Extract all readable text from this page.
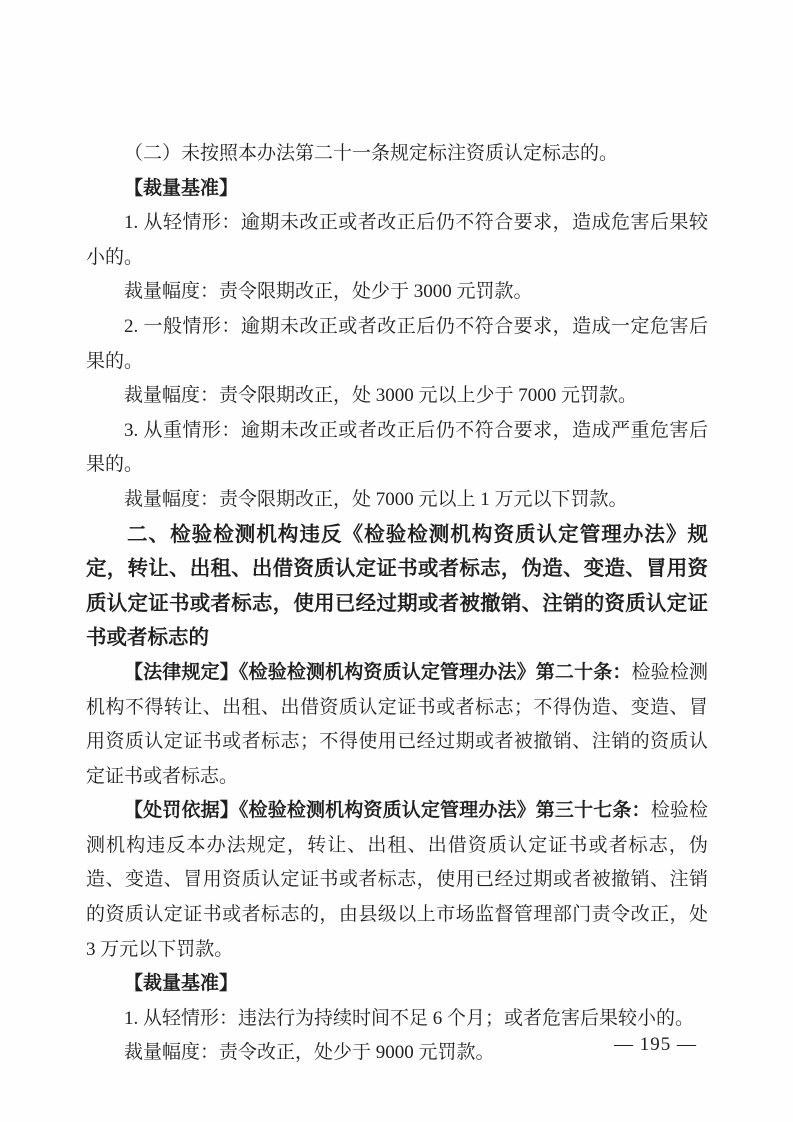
（二）未按照本办法第二十一条规定标注资质认定标志的。

【裁量基准】

1. 从轻情形：逾期未改正或者改正后仍不符合要求，造成危害后果较小的。

裁量幅度：责令限期改正，处少于 3000 元罚款。

2. 一般情形：逾期未改正或者改正后仍不符合要求，造成一定危害后果的。

裁量幅度：责令限期改正，处 3000 元以上少于 7000 元罚款。

3. 从重情形：逾期未改正或者改正后仍不符合要求，造成严重危害后果的。

裁量幅度：责令限期改正，处 7000 元以上 1 万元以下罚款。

二、检验检测机构违反《检验检测机构资质认定管理办法》规定，转让、出租、出借资质认定证书或者标志，伪造、变造、冒用资质认定证书或者标志，使用已经过期或者被撤销、注销的资质认定证书或者标志的

【法律规定】《检验检测机构资质认定管理办法》第二十条：检验检测机构不得转让、出租、出借资质认定证书或者标志；不得伪造、变造、冒用资质认定证书或者标志；不得使用已经过期或者被撤销、注销的资质认定证书或者标志。

【处罚依据】《检验检测机构资质认定管理办法》第三十七条：检验检测机构违反本办法规定，转让、出租、出借资质认定证书或者标志，伪造、变造、冒用资质认定证书或者标志，使用已经过期或者被撤销、注销的资质认定证书或者标志的，由县级以上市场监督管理部门责令改正，处 3 万元以下罚款。

【裁量基准】

1. 从轻情形：违法行为持续时间不足 6 个月；或者危害后果较小的。

裁量幅度：责令改正，处少于 9000 元罚款。	— 195 —
